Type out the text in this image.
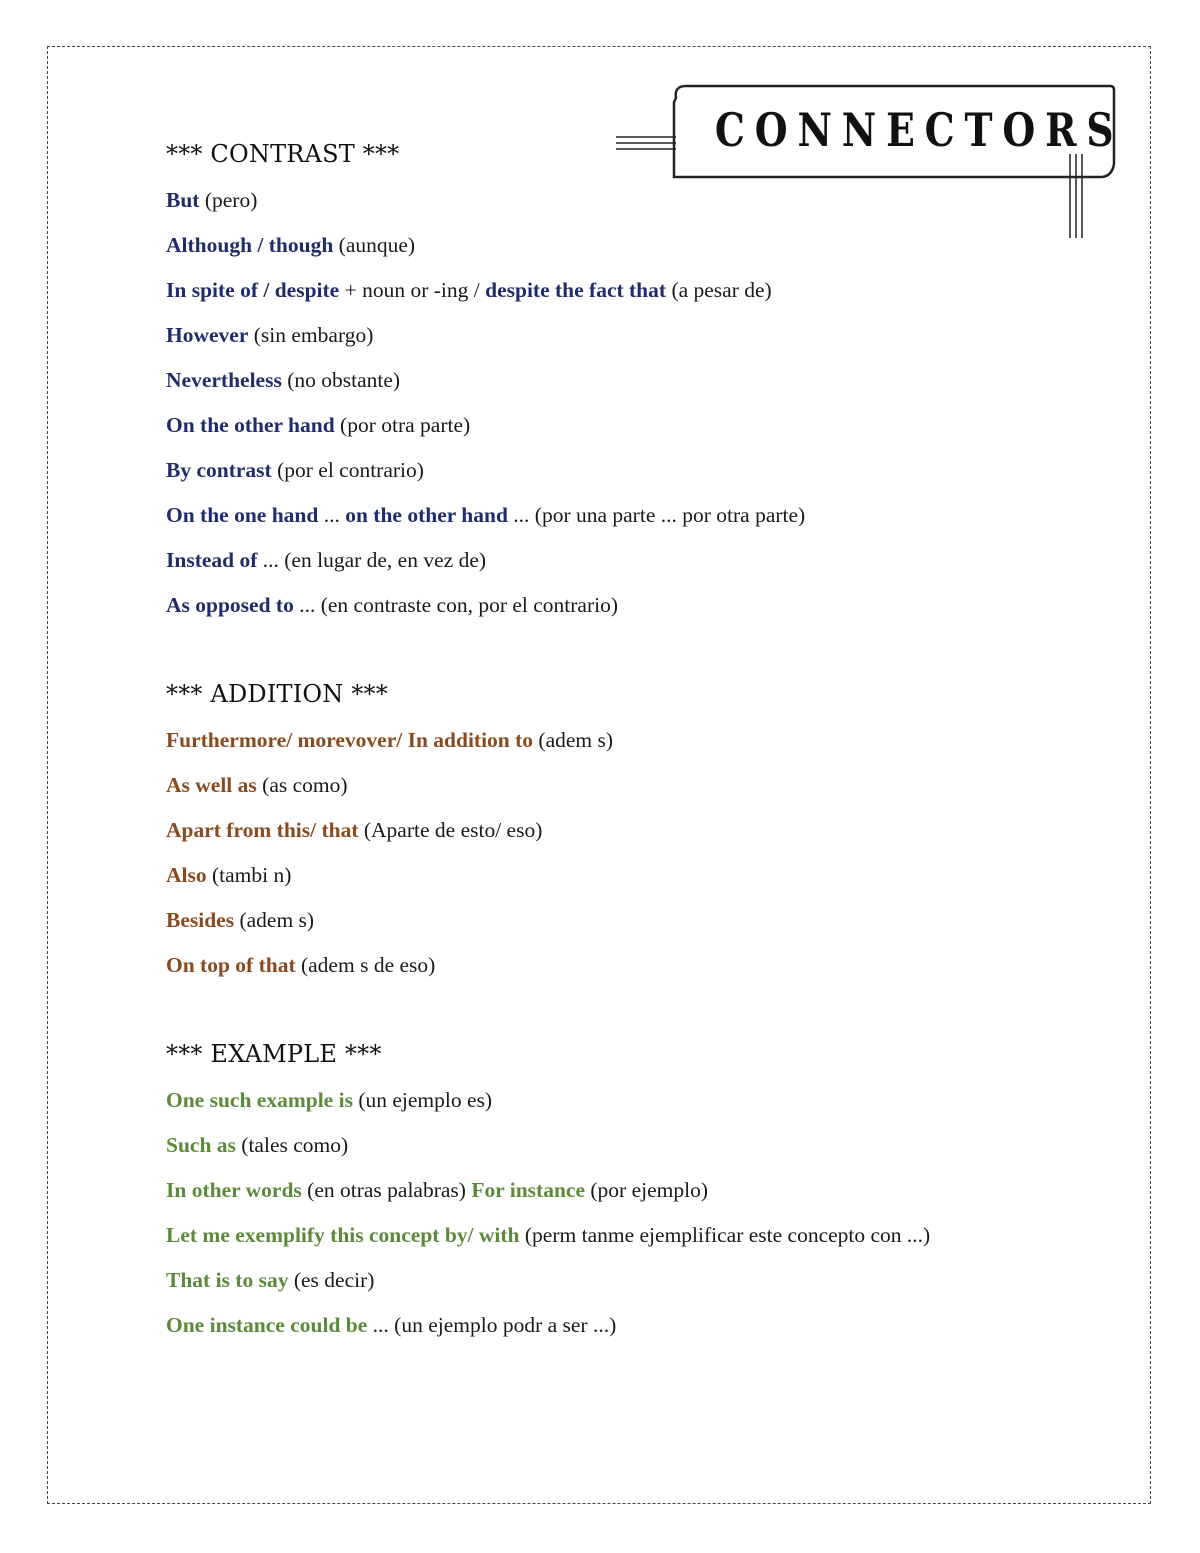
CONNECTORS
*** CONTRAST ***
But (pero)
Although / though (aunque)
In spite of / despite + noun or -ing / despite the fact that (a pesar de)
However (sin embargo)
Nevertheless (no obstante)
On the other hand (por otra parte)
By contrast (por el contrario)
On the one hand ... on the other hand ... (por una parte ... por otra parte)
Instead of ... (en lugar de, en vez de)
As opposed to ... (en contraste con, por el contrario)
*** ADDITION ***
Furthermore/ morevover/ In addition to (adem s)
As well as (as como)
Apart from this/ that (Aparte de esto/ eso)
Also (tambi n)
Besides (adem s)
On top of that (adem s de eso)
*** EXAMPLE ***
One such example is (un ejemplo es)
Such as (tales como)
In other words (en otras palabras) For instance (por ejemplo)
Let me exemplify this concept by/ with (perm tanme ejemplificar este concepto con ...)
That is to say (es decir)
One instance could be ... (un ejemplo podr a ser ...)
